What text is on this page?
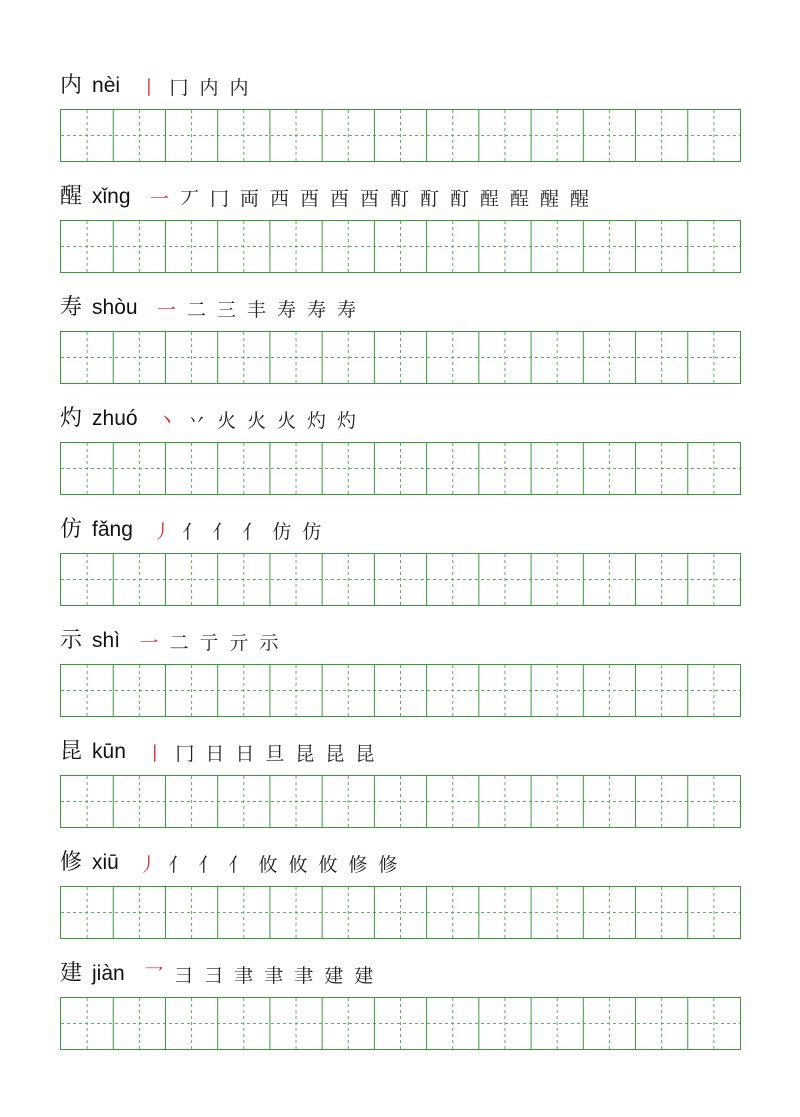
内 nèi 丨 冂 内 内
醒 xǐng 一 丆 冂 両 西 酉 酉 酉 酊 酊 酊 酲 酲 醒 醒
寿 shòu 一 二 三 丰 寿 寿 寿
灼 zhuó 丶 丷 火 火 火 灼 灼
仿 fǎng 丿 亻 亻 亻 仿 仿
示 shì 一 二 亍 亓 示
昆 kūn 丨 冂 日 日 旦 昆 昆 昆
修 xiū 丿 亻 亻 亻 攸 攸 攸 修 修
建 jiàn 乛 ⺕ ⺕ 聿 聿 聿 建 建
